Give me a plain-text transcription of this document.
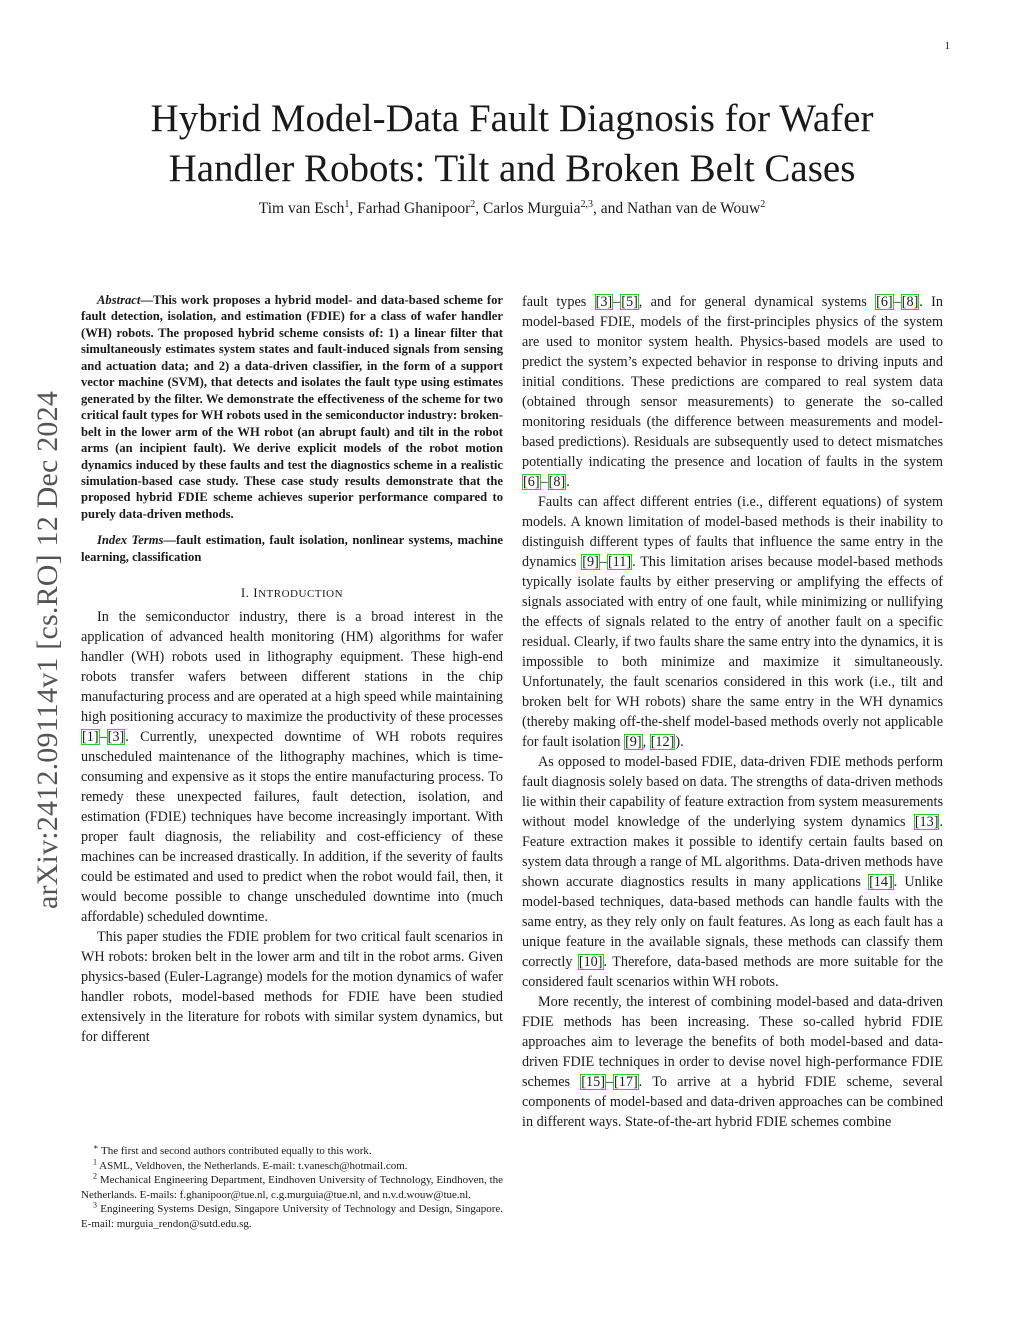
1
arXiv:2412.09114v1 [cs.RO] 12 Dec 2024
Hybrid Model-Data Fault Diagnosis for Wafer Handler Robots: Tilt and Broken Belt Cases
Tim van Esch$^1$, Farhad Ghanipoor$^2$, Carlos Murguia$^{2,3}$, and Nathan van de Wouw$^2$

Abstract—This work proposes a hybrid model- and data-based scheme for fault detection, isolation, and estimation (FDIE) for a class of wafer handler (WH) robots. The proposed hybrid scheme consists of: 1) a linear filter that simultaneously estimates system states and fault-induced signals from sensing and actuation data; and 2) a data-driven classifier, in the form of a support vector machine (SVM), that detects and isolates the fault type using estimates generated by the filter. We demonstrate the effectiveness of the scheme for two critical fault types for WH robots used in the semiconductor industry: broken-belt in the lower arm of the WH robot (an abrupt fault) and tilt in the robot arms (an incipient fault). We derive explicit models of the robot motion dynamics induced by these faults and test the diagnostics scheme in a realistic simulation-based case study. These case study results demonstrate that the proposed hybrid FDIE scheme achieves superior performance compared to purely data-driven methods.

Index Terms—fault estimation, fault isolation, nonlinear systems, machine learning, classification

I. INTRODUCTION

In the semiconductor industry, there is a broad interest in the application of advanced health monitoring (HM) algorithms for wafer handler (WH) robots used in lithography equipment. These high-end robots transfer wafers between different stations in the chip manufacturing process and are operated at a high speed while maintaining high positioning accuracy to maximize the productivity of these processes [1]–[3]. Currently, unexpected downtime of WH robots requires unscheduled maintenance of the lithography machines, which is time-consuming and expensive as it stops the entire manufacturing process. To remedy these unexpected failures, fault detection, isolation, and estimation (FDIE) techniques have become increasingly important. With proper fault diagnosis, the reliability and cost-efficiency of these machines can be increased drastically. In addition, if the severity of faults could be estimated and used to predict when the robot would fail, then, it would become possible to change unscheduled downtime into (much affordable) scheduled downtime.

This paper studies the FDIE problem for two critical fault scenarios in WH robots: broken belt in the lower arm and tilt in the robot arms. Given physics-based (Euler-Lagrange) models for the motion dynamics of wafer handler robots, model-based methods for FDIE have been studied extensively in the literature for robots with similar system dynamics, but for different

fault types [3]–[5], and for general dynamical systems [6]–[8]. In model-based FDIE, models of the first-principles physics of the system are used to monitor system health. Physics-based models are used to predict the system’s expected behavior in response to driving inputs and initial conditions. These predictions are compared to real system data (obtained through sensor measurements) to generate the so-called monitoring residuals (the difference between measurements and model-based predictions). Residuals are subsequently used to detect mismatches potentially indicating the presence and location of faults in the system [6]–[8].

Faults can affect different entries (i.e., different equations) of system models. A known limitation of model-based methods is their inability to distinguish different types of faults that influence the same entry in the dynamics [9]–[11]. This limitation arises because model-based methods typically isolate faults by either preserving or amplifying the effects of signals associated with entry of one fault, while minimizing or nullifying the effects of signals related to the entry of another fault on a specific residual. Clearly, if two faults share the same entry into the dynamics, it is impossible to both minimize and maximize it simultaneously. Unfortunately, the fault scenarios considered in this work (i.e., tilt and broken belt for WH robots) share the same entry in the WH dynamics (thereby making off-the-shelf model-based methods overly not applicable for fault isolation [9], [12]).

As opposed to model-based FDIE, data-driven FDIE methods perform fault diagnosis solely based on data. The strengths of data-driven methods lie within their capability of feature extraction from system measurements without model knowledge of the underlying system dynamics [13]. Feature extraction makes it possible to identify certain faults based on system data through a range of ML algorithms. Data-driven methods have shown accurate diagnostics results in many applications [14]. Unlike model-based techniques, data-based methods can handle faults with the same entry, as they rely only on fault features. As long as each fault has a unique feature in the available signals, these methods can classify them correctly [10]. Therefore, data-based methods are more suitable for the considered fault scenarios within WH robots.

More recently, the interest of combining model-based and data-driven FDIE methods has been increasing. These so-called hybrid FDIE approaches aim to leverage the benefits of both model-based and data-driven FDIE techniques in order to devise novel high-performance FDIE schemes [15]–[17]. To arrive at a hybrid FDIE scheme, several components of model-based and data-driven approaches can be combined in different ways. State-of-the-art hybrid FDIE schemes combine

∗ The first and second authors contributed equally to this work.

$^1$ ASML, Veldhoven, the Netherlands. E-mail: t.vanesch@hotmail.com.

$^2$ Mechanical Engineering Department, Eindhoven University of Technology, Eindhoven, the Netherlands. E-mails: f.ghanipoor@tue.nl, c.g.murguia@tue.nl, and n.v.d.wouw@tue.nl.

$^3$ Engineering Systems Design, Singapore University of Technology and Design, Singapore. E-mail: murguia_rendon@sutd.edu.sg.
